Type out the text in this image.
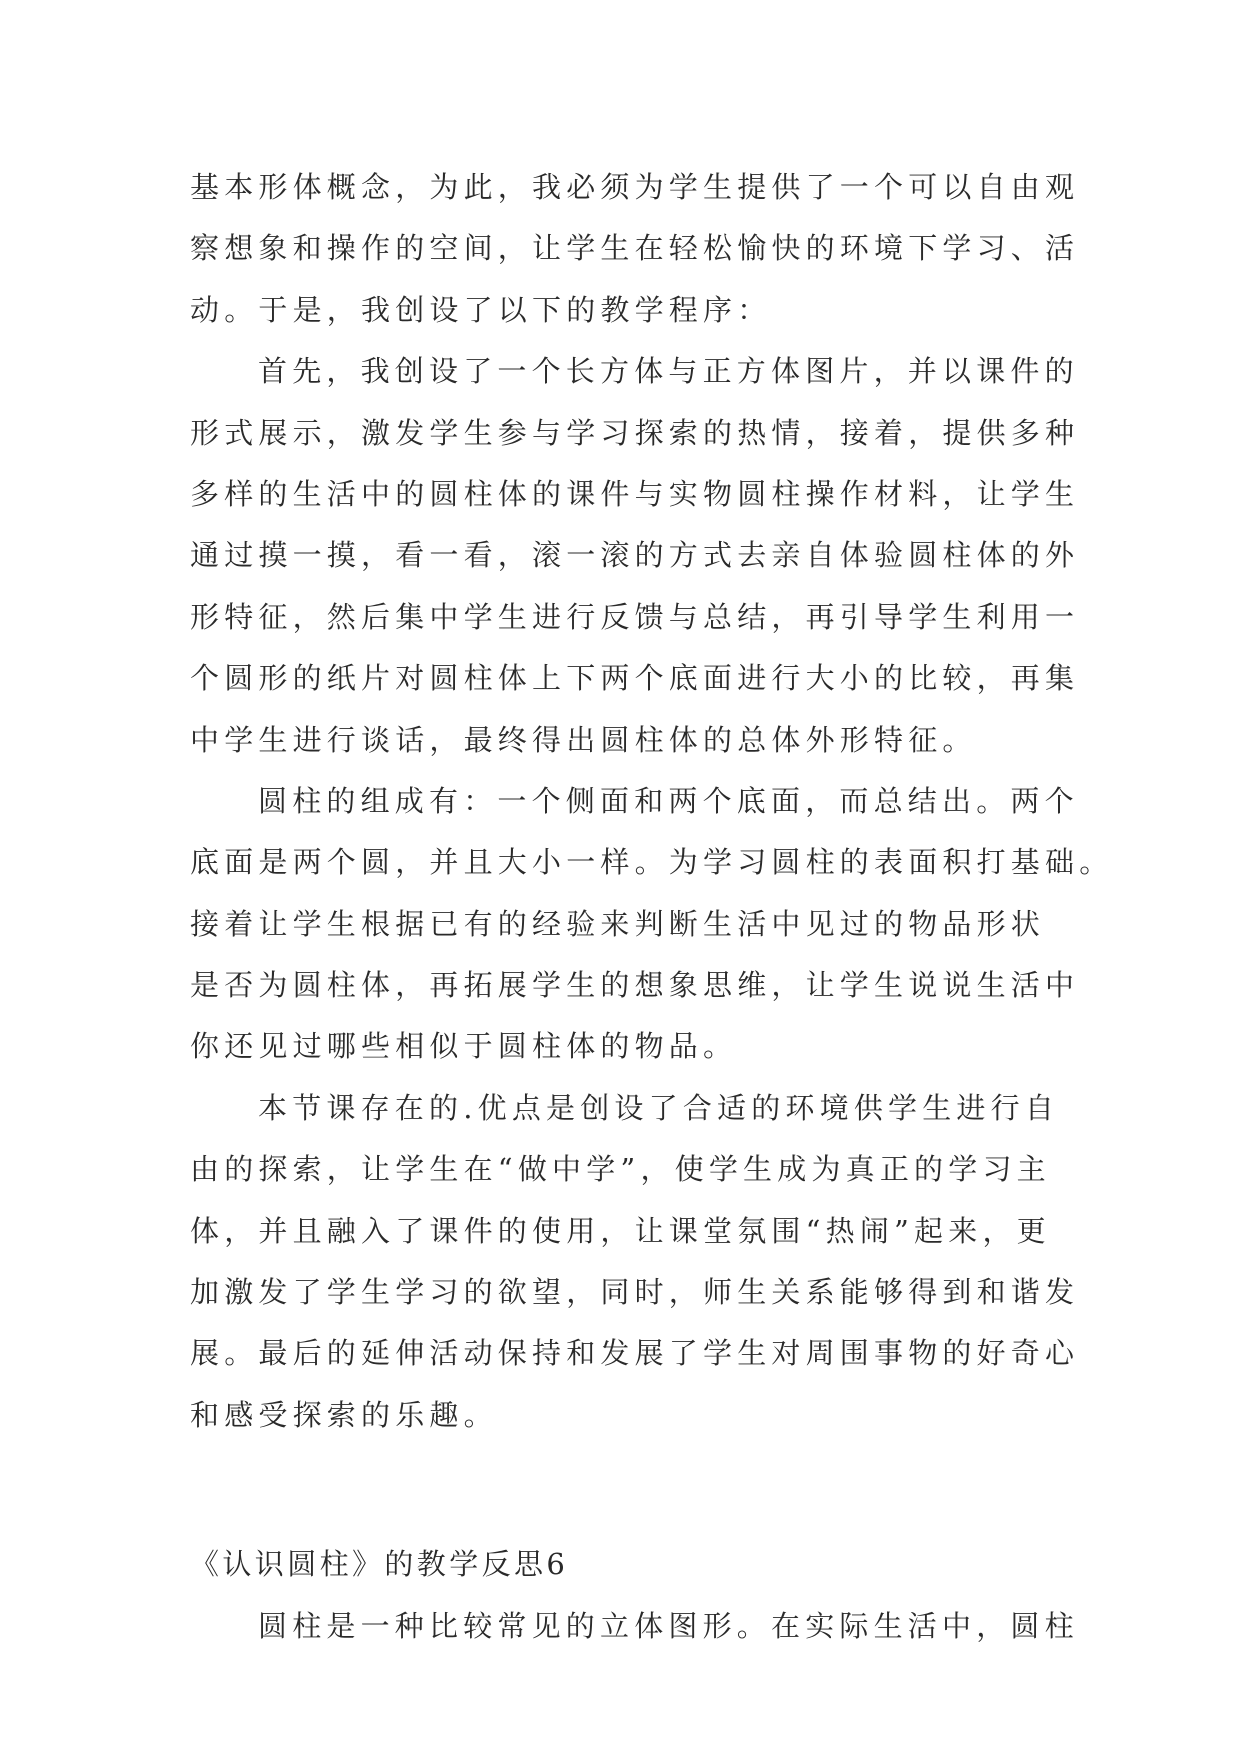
基本形体概念，为此，我必须为学生提供了一个可以自由观
察想象和操作的空间，让学生在轻松愉快的环境下学习、活
动。于是，我创设了以下的教学程序：
首先，我创设了一个长方体与正方体图片，并以课件的
形式展示，激发学生参与学习探索的热情，接着，提供多种
多样的生活中的圆柱体的课件与实物圆柱操作材料，让学生
通过摸一摸，看一看，滚一滚的方式去亲自体验圆柱体的外
形特征，然后集中学生进行反馈与总结，再引导学生利用一
个圆形的纸片对圆柱体上下两个底面进行大小的比较，再集
中学生进行谈话，最终得出圆柱体的总体外形特征。
圆柱的组成有：一个侧面和两个底面，而总结出。两个
底面是两个圆，并且大小一样。为学习圆柱的表面积打基础。
接着让学生根据已有的经验来判断生活中见过的物品形状
是否为圆柱体，再拓展学生的想象思维，让学生说说生活中
你还见过哪些相似于圆柱体的物品。
本节课存在的.优点是创设了合适的环境供学生进行自
由的探索，让学生在“做中学”，使学生成为真正的学习主
体，并且融入了课件的使用，让课堂氛围“热闹”起来，更
加激发了学生学习的欲望，同时，师生关系能够得到和谐发
展。最后的延伸活动保持和发展了学生对周围事物的好奇心
和感受探索的乐趣。
《认识圆柱》的教学反思6
圆柱是一种比较常见的立体图形。在实际生活中，圆柱
